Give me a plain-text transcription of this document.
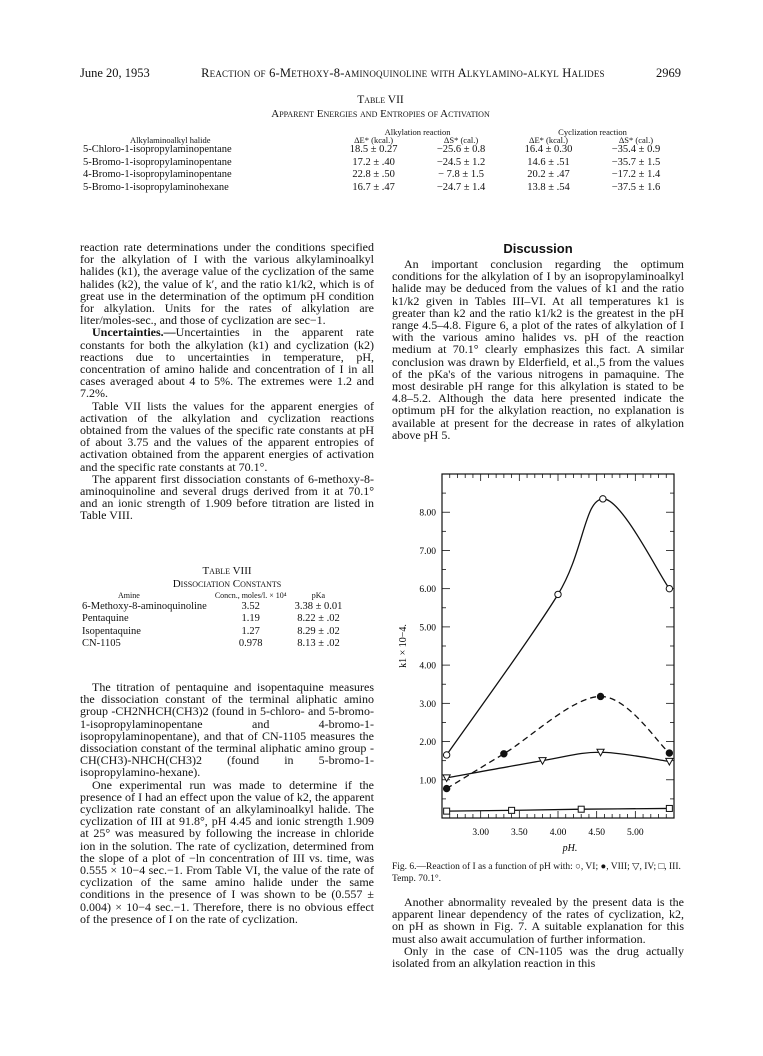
June 20, 1953	Reaction of 6-Methoxy-8-aminoquinoline with Alkylamino-alkyl Halides	2969
Table VII
Apparent Energies and Entropies of Activation
	Alkylation reaction		Cyclization reaction	
Alkylaminoalkyl halide	ΔE* (kcal.)	ΔS* (cal.)	ΔE* (kcal.)	ΔS* (cal.)
5-Chloro-1-isopropylaminopentane	18.5 ± 0.27	−25.6 ± 0.8	16.4 ± 0.30	−35.4 ± 0.9
5-Bromo-1-isopropylaminopentane	17.2 ± .40	−24.5 ± 1.2	14.6 ± .51	−35.7 ± 1.5
4-Bromo-1-isopropylaminopentane	22.8 ± .50	− 7.8 ± 1.5	20.2 ± .47	−17.2 ± 1.4
5-Bromo-1-isopropylaminohexane	16.7 ± .47	−24.7 ± 1.4	13.8 ± .54	−37.5 ± 1.6

reaction rate determinations under the conditions specified for the alkylation of I with the various alkylaminoalkyl halides (k1), the average value of the cyclization of the same halides (k2), the value of k′, and the ratio k1/k2, which is of great use in the determination of the optimum pH condition for alkylation. Units for the rates of alkylation are liter/moles-sec., and those of cyclization are sec−1.

Uncertainties.—Uncertainties in the apparent rate constants for both the alkylation (k1) and cyclization (k2) reactions due to uncertainties in temperature, pH, concentration of amino halide and concentration of I in all cases averaged about 4 to 5%. The extremes were 1.2 and 7.2%.

Table VII lists the values for the apparent energies of activation of the alkylation and cyclization reactions obtained from the values of the specific rate constants at pH of about 3.75 and the values of the apparent entropies of activation obtained from the apparent energies of activation and the specific rate constants at 70.1°.

The apparent first dissociation constants of 6-methoxy-8-aminoquinoline and several drugs derived from it at 70.1° and an ionic strength of 1.909 before titration are listed in Table VIII.

Table VIII
Dissociation Constants
Amine	Concn., moles/l. × 10⁴	pKa
6-Methoxy-8-aminoquinoline	3.52	3.38 ± 0.01
Pentaquine	1.19	8.22 ± .02
Isopentaquine	1.27	8.29 ± .02
CN-1105	0.978	8.13 ± .02

The titration of pentaquine and isopentaquine measures the dissociation constant of the terminal aliphatic amino group -CH2NHCH(CH3)2 (found in 5-chloro- and 5-bromo-1-isopropylaminopentane and 4-bromo-1-isopropylaminopentane), and that of CN-1105 measures the dissociation constant of the terminal aliphatic amino group -CH(CH3)-NHCH(CH3)2 (found in 5-bromo-1-isopropylamino-hexane).

One experimental run was made to determine if the presence of I had an effect upon the value of k2, the apparent cyclization rate constant of an alkylaminoalkyl halide. The cyclization of III at 91.8°, pH 4.45 and ionic strength 1.909 at 25° was measured by following the increase in chloride ion in the solution. The rate of cyclization, determined from the slope of a plot of −ln concentration of III vs. time, was 0.555 × 10−4 sec.−1. From Table VI, the value of the rate of cyclization of the same amino halide under the same conditions in the presence of I was shown to be (0.557 ± 0.004) × 10−4 sec.−1. Therefore, there is no obvious effect of the presence of I on the rate of cyclization.

Discussion

An important conclusion regarding the optimum conditions for the alkylation of I by an isopropylaminoalkyl halide may be deduced from the values of k1 and the ratio k1/k2 given in Tables III–VI. At all temperatures k1 is greater than k2 and the ratio k1/k2 is the greatest in the pH range 4.5–4.8. Figure 6, a plot of the rates of alkylation of I with the various amino halides vs. pH of the reaction medium at 70.1° clearly emphasizes this fact. A similar conclusion was drawn by Elderfield, et al.,5 from the values of the pKa's of the various nitrogens in pamaquine. The most desirable pH range for this alkylation is stated to be 4.8–5.2. Although the data here presented indicate the optimum pH for the alkylation reaction, no explanation is available at present for the decrease in rates of alkylation above pH 5.

1.00
2.00
3.00
4.00
5.00
6.00
7.00
8.00
3.00 3.50 4.00 4.50 5.00
pH.
k1 × 10−4.
Fig. 6.—Reaction of I as a function of pH with: ○, VI; ●, VIII; ▽, IV; □, III. Temp. 70.1°.

Another abnormality revealed by the present data is the apparent linear dependency of the rates of cyclization, k2, on pH as shown in Fig. 7. A suitable explanation for this must also await accumulation of further information.

Only in the case of CN-1105 was the drug actually isolated from an alkylation reaction in this
